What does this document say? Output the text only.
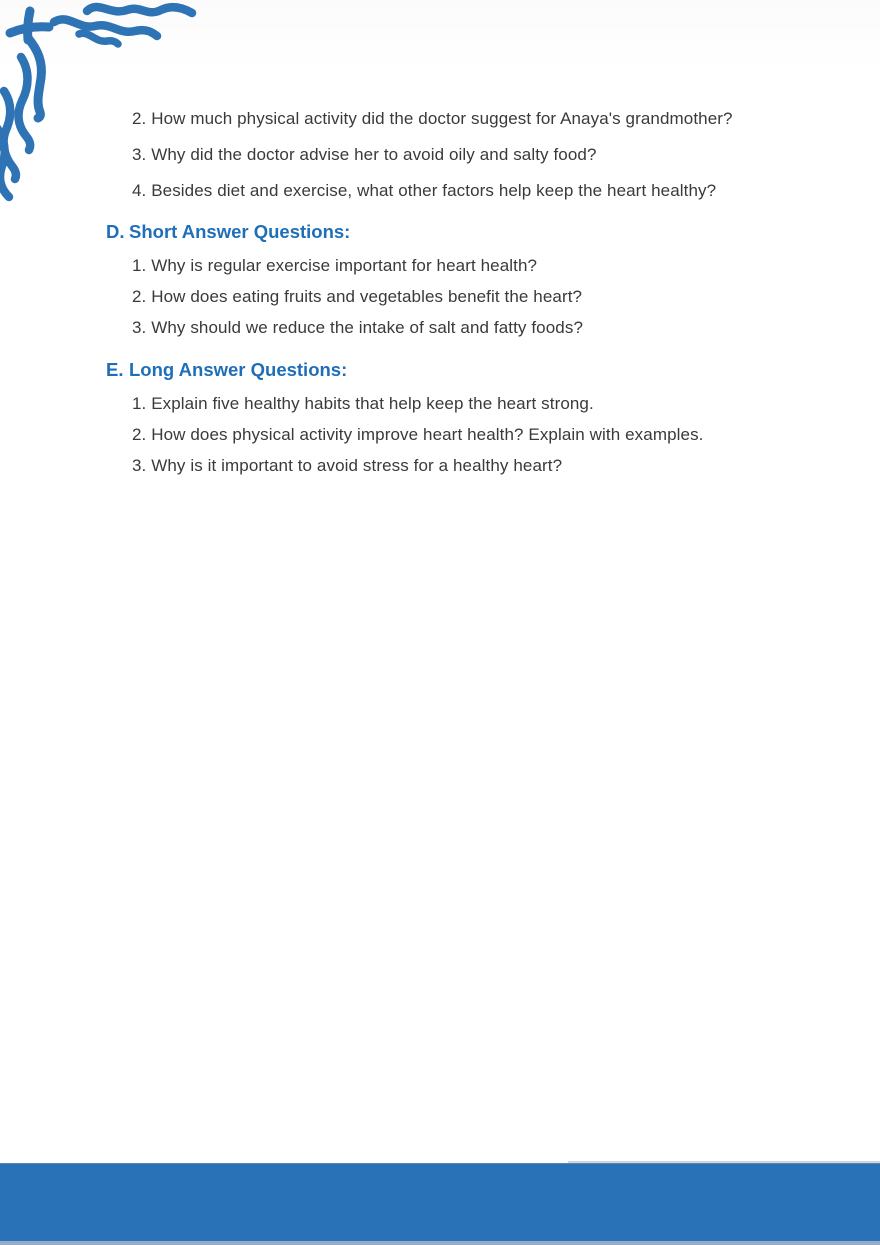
2. How much physical activity did the doctor suggest for Anaya's grandmother?
3. Why did the doctor advise her to avoid oily and salty food?
4. Besides diet and exercise, what other factors help keep the heart healthy?
D. Short Answer Questions:
1. Why is regular exercise important for heart health?
2. How does eating fruits and vegetables benefit the heart?
3. Why should we reduce the intake of salt and fatty foods?
E. Long Answer Questions:
1. Explain five healthy habits that help keep the heart strong.
2. How does physical activity improve heart health? Explain with examples.
3. Why is it important to avoid stress for a healthy heart?
